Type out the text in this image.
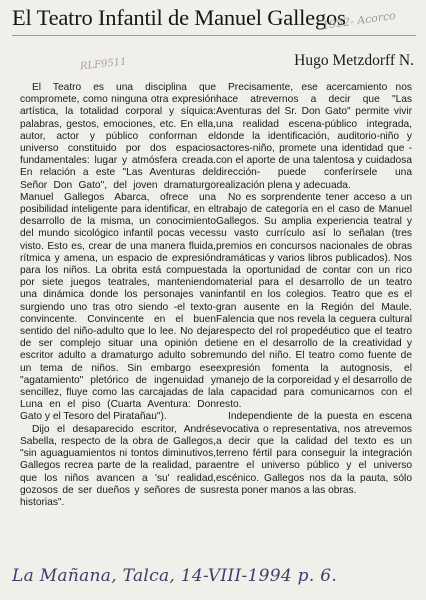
El Teatro Infantil de Manuel Gallegos
1952- Acorco
Hugo Metzdorff N.
RLF9511

El Teatro es una disciplina que compromete, como ninguna otra expresión artística, la totalidad corporal y síquica: palabras, gestos, emociones, etc. En ella, autor, actor y público conforman el universo constituido por dos espacios fundamentales: lugar y atmósfera creada. En relación a este "Las Aventuras del Señor Don Gato", del joven dramaturgo Manuel Gallegos Abarca, ofrece una posibilidad inteligente para identificar, en el desarrollo de la misma, un conocimiento del mundo sicológico infantil pocas veces visto. Esto es, crear de una manera fluida, rítmica y amena, un espacio de expresión para los niños. La obrita está compuesta por siete juegos teatrales, manteniendo una dinámica donde los personajes van surgiendo uno tras otro siendo -el texto- convincente. Convincente en el buen sentido del niño-adulto que lo lee. No deja de ser complejo situar una opinión de escritor adulto a dramaturgo adulto sobre un tema de niños. Sin embargo ese "agatamiento" pletórico de ingenuidad y sencillez, fluye como las carcajadas de la Luna en el piso (Cuarta Aventura: Don Gato y el Tesoro del Piratañau").

Dijo el desaparecido escritor, Andrés Sabella, respecto de la obra de Gallegos, "sin aguaguamientos ni tontos diminutivos, Gallegos recrea parte de la realidad, para que los niños avancen a 'su' realidad, gozosos de ser dueños y señores de sus historias".

Precisamente, ese acercamiento nos hace atrevernos a decir que "Las Aventuras del Sr. Don Gato" permite vivir una realidad escena-público integrada, donde la identificación, auditorio-niño y actores-niño, promete una identidad que -con el aporte de una talentosa y cuidadosa dirección- puede conferírsele una realización plena y adecuada.

No es sorprendente tener acceso a un trabajo de categoría en el caso de Manuel Gallegos. Su amplia experiencia teatral y su vasto currículo así lo señalan (tres premios en concursos nacionales de obras dramáticas y varios libros publicados). Nos da la oportunidad de contar con un rico material para el desarrollo de un teatro infantil en los colegios. Teatro que es el gran ausente en la Región del Maule. Falencia que nos revela la ceguera cultural respecto del rol propedéutico que el teatro tiene en el desarrollo de la creatividad y mundo del niño. El teatro como fuente de expresión fomenta la autognosis, el manejo de la corporeidad y el desarrollo de la capacidad para comunicarnos con el resto.

Independiente de la puesta en escena evocativa o representativa, nos atrevemos a decir que la calidad del texto es un terreno fértil para conseguir la integración entre el universo público y el universo escénico. Gallegos nos da la pauta, sólo resta poner manos a las obras.

La Mañana, Talca, 14-VIII-1994 p. 6.
